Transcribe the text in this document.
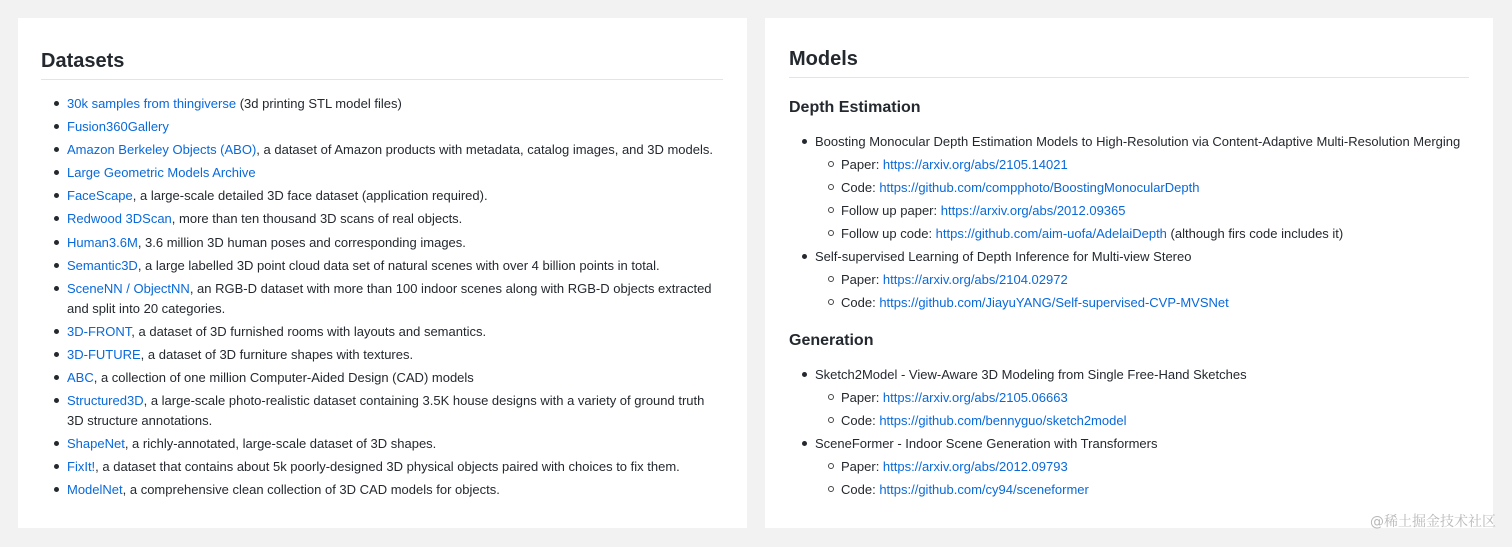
Datasets
30k samples from thingiverse (3d printing STL model files)
Fusion360Gallery
Amazon Berkeley Objects (ABO), a dataset of Amazon products with metadata, catalog images, and 3D models.
Large Geometric Models Archive
FaceScape, a large-scale detailed 3D face dataset (application required).
Redwood 3DScan, more than ten thousand 3D scans of real objects.
Human3.6M, 3.6 million 3D human poses and corresponding images.
Semantic3D, a large labelled 3D point cloud data set of natural scenes with over 4 billion points in total.
SceneNN / ObjectNN, an RGB-D dataset with more than 100 indoor scenes along with RGB-D objects extracted and split into 20 categories.
3D-FRONT, a dataset of 3D furnished rooms with layouts and semantics.
3D-FUTURE, a dataset of 3D furniture shapes with textures.
ABC, a collection of one million Computer-Aided Design (CAD) models
Structured3D, a large-scale photo-realistic dataset containing 3.5K house designs with a variety of ground truth 3D structure annotations.
ShapeNet, a richly-annotated, large-scale dataset of 3D shapes.
FixIt!, a dataset that contains about 5k poorly-designed 3D physical objects paired with choices to fix them.
ModelNet, a comprehensive clean collection of 3D CAD models for objects.
Models
Depth Estimation
Boosting Monocular Depth Estimation Models to High-Resolution via Content-Adaptive Multi-Resolution Merging
Paper: https://arxiv.org/abs/2105.14021
Code: https://github.com/compphoto/BoostingMonocularDepth
Follow up paper: https://arxiv.org/abs/2012.09365
Follow up code: https://github.com/aim-uofa/AdelaiDepth (although firs code includes it)
Self-supervised Learning of Depth Inference for Multi-view Stereo
Paper: https://arxiv.org/abs/2104.02972
Code: https://github.com/JiayuYANG/Self-supervised-CVP-MVSNet
Generation
Sketch2Model - View-Aware 3D Modeling from Single Free-Hand Sketches
Paper: https://arxiv.org/abs/2105.06663
Code: https://github.com/bennyguo/sketch2model
SceneFormer - Indoor Scene Generation with Transformers
Paper: https://arxiv.org/abs/2012.09793
Code: https://github.com/cy94/sceneformer
@稀土掘金技术社区
